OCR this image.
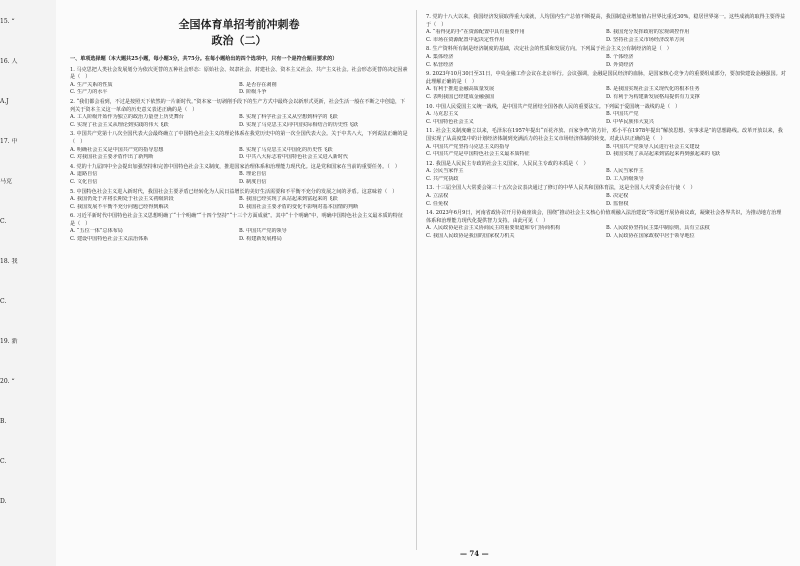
15. “
16. 人
A.J
17. 中
马克
C.
18. 我
C.
19. 新
20. “
B.
C.
D.
全国体育单招考前冲刺卷
政治（二）
一、单项选择题（本大题共25小题，每小题3分，共75分。在每小题给出的四个选项中，只有一个是符合题目要求的）
1. 马克思把人类社会发展划分为依次更替的五种社会形态：原始社会、奴隶社会、封建社会、资本主义社会、共产主义社会。社会形态更替的决定因素是（　）
A. 生产关系的性质	B. 是否存在剥削
C. 生产力的水平	D. 阶级斗争
2. “我们都会看到，不过是按照天下依然的一片新时代。”资本家一切剥削手段下的生产方式中最终会以新形式更新，社会生活一般在不断之中创造，下列关于资本主义这一革命的历史意义表述正确的是（　）
A. 工人阶级开始作为独立的政治力量登上历史舞台	B. 实现了科学社会主义从空想到科学的飞跃
C. 实现了社会主义从理论到实践的伟大飞跃	D. 实现了马克思主义同中国实际相结合的历史性飞跃
3. 中国共产党第十八次全国代表大会最终确立了中国特色社会主义的理论体系在我党历史中的第一次全国代表大会。关于中共八大，下列说法正确的是（　）
A. 明确社会主义是中国共产党的指导思想	B. 实现了马克思主义中国化的历史性飞跃
C. 对我国社会主要矛盾作出了新判断	D. 中共八大标志着中国特色社会主义进入新时代
4. 党的十九届四中全会提出加强坚持和完善中国特色社会主义制度，推进国家治理体系和治理能力现代化。这是党和国家在当前的重要任务。（　）
A. 道路自信	B. 理论自信
C. 文化自信	D. 制度自信
5. 中国特色社会主义进入新时代，我国社会主要矛盾已经转化为人民日益增长的美好生活需要和不平衡不充分的发展之间的矛盾。这意味着（　）
A. 我国仍处于并将长期处于社会主义初级阶段	B. 我国已经实现了从站起来到富起来的飞跃
C. 我国发展不平衡不充分问题已经得到解决	D. 我国社会主要矛盾的变化不影响对基本国情的判断
6. 习近平新时代中国特色社会主义思想明确了“十个明确”“十四个坚持”“十三个方面成就”。其中“十个明确”中，明确中国特色社会主义最本质的特征是（　）
A. “五位一体”总体布局	B. 中国共产党的领导
C. 建设中国特色社会主义法治体系	D. 构建新发展格局
7. 党的十八大以来，我国经济发展取得重大成就，人均国内生产总值不断提高，我国制造业增加值占世界比重近30%，稳居世界第一。这些成就的取得主要得益于（　）
A. “看得见的手”在资源配置中具有重要作用	B. 我国充分发挥政府的宏观调控作用
C. 市场在资源配置中起决定性作用	D. 坚持社会主义市场经济改革方向
8. 生产资料所有制是经济制度的基础，决定社会的性质和发展方向。下列属于社会主义公有制经济的是（　）
A. 集体经济	B. 个体经济
C. 私营经济	D. 外资经济
9. 2023年10月30日至31日，中央金融工作会议在北京举行。会议强调，金融是国民经济的血脉，是国家核心竞争力的重要组成部分，要加快建设金融强国。对此理解正确的是（　）
A. 有利于推进金融高质量发展	B. 是我国实现社会主义现代化的根本任务
C. 表明我国已经建成金融强国	D. 有利于为构建新发展格局提供有力支撑
10. 中国人民爱国主义统一战线，是中国共产党团结全国各族人民的重要法宝。下列属于爱国统一战线的是（　）
A. 马克思主义	B. 中国共产党
C. 中国特色社会主义	D. 中华民族伟大复兴
11. 社会主义制度确立以来，毛泽东在1957年提出“百花齐放、百家争鸣”的方针，邓小平在1978年提出“解放思想、实事求是”的思想路线。改革开放以来，我国实现了从高度集中的计划经济体制到充满活力的社会主义市场经济体制的转变。对此认识正确的是（　）
A. 中国共产党坚持马克思主义的指导	B. 中国共产党领导人民进行社会主义建设
C. 中国共产党是中国特色社会主义最本质特征	D. 我国实现了从站起来到富起来再到强起来的飞跃
12. 我国是人民民主专政的社会主义国家，人民民主专政的本质是（　）
A. 公民当家作主	B. 人民当家作主
C. 共产党执政	D. 工人阶级领导
13. 十三届全国人大常委会第三十五次会议表决通过了修订的中华人民共和国体育法，这是全国人大常委会在行使（　）
A. 立法权	B. 决定权
C. 任免权	D. 监督权
14. 2023年6月9日，河南省政协召开月协商座谈会，围绕“推动社会主义核心价值观融入法治建设”等议题开展协商议政，凝聚社会各界共识，为推动地方治理体系和治理能力现代化提供智力支持。由此可见（　）
A. 人民政协是社会主义协商民主的重要渠道和专门协商机构	B. 人民政协坚持民主集中制原则，具有立法权
C. 我国人民政协是我国的国家权力机关	D. 人民政协在国家政权中居于领导地位
— 74 —
